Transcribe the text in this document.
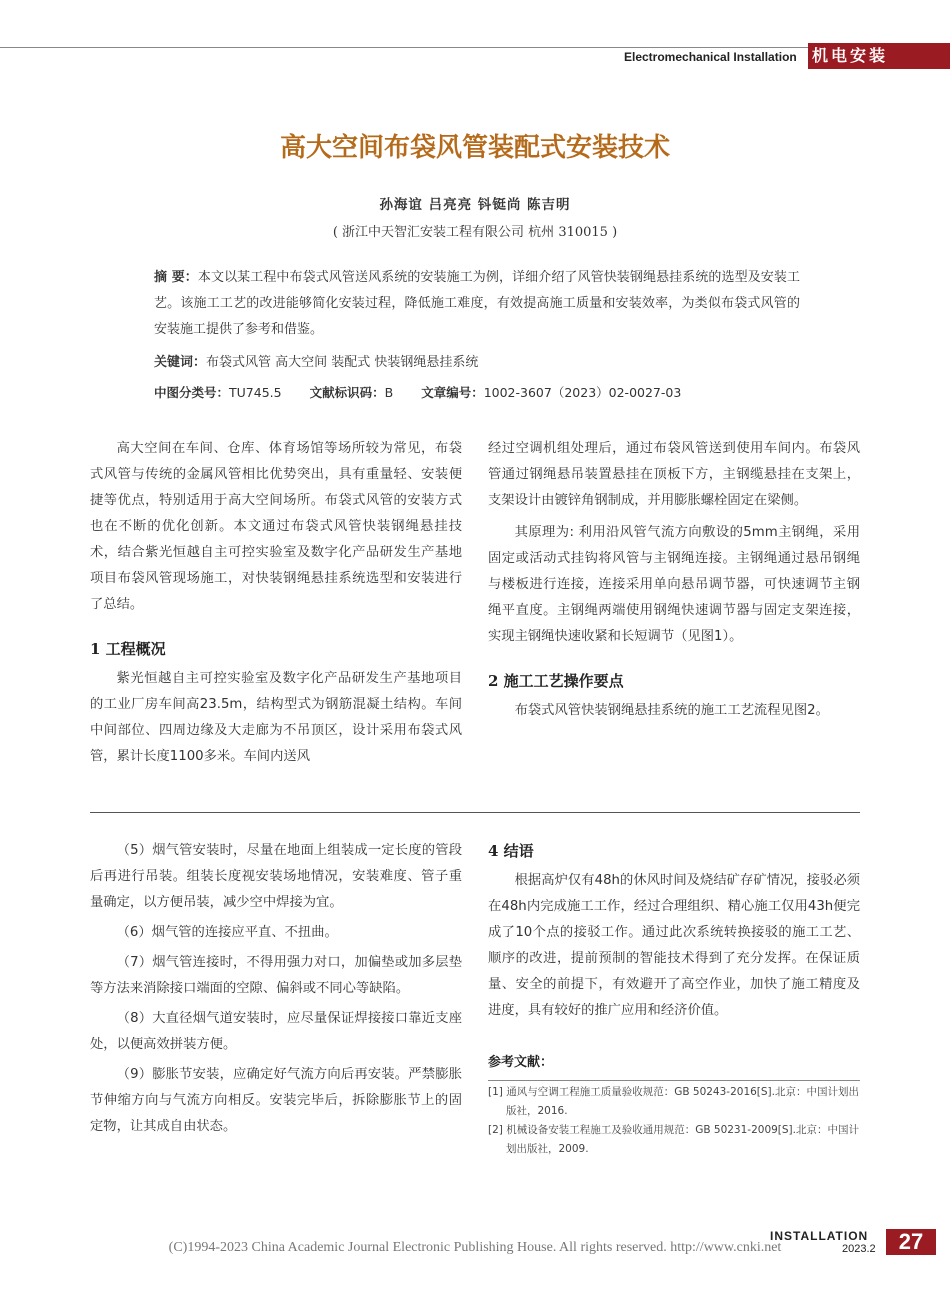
Electromechanical Installation 机电安装
高大空间布袋风管装配式安装技术
孙海谊 吕亮亮 钭铤尚 陈吉明
( 浙江中天智汇安装工程有限公司 杭州 310015 )
摘 要：本文以某工程中布袋式风管送风系统的安装施工为例，详细介绍了风管快装钢绳悬挂系统的选型及安装工艺。该施工工艺的改进能够简化安装过程，降低施工难度，有效提高施工质量和安装效率，为类似布袋式风管的安装施工提供了参考和借鉴。
关键词：布袋式风管 高大空间 装配式 快装钢绳悬挂系统
中图分类号：TU745.5 文献标识码：B 文章编号：1002-3607（2023）02-0027-03

高大空间在车间、仓库、体育场馆等场所较为常见，布袋式风管与传统的金属风管相比优势突出，具有重量轻、安装便捷等优点，特别适用于高大空间场所。布袋式风管的安装方式也在不断的优化创新。本文通过布袋式风管快装钢绳悬挂技术，结合紫光恒越自主可控实验室及数字化产品研发生产基地项目布袋风管现场施工，对快装钢绳悬挂系统选型和安装进行了总结。

1 工程概况

紫光恒越自主可控实验室及数字化产品研发生产基地项目的工业厂房车间高23.5m，结构型式为钢筋混凝土结构。车间中间部位、四周边缘及大走廊为不吊顶区，设计采用布袋式风管，累计长度1100多米。车间内送风

经过空调机组处理后，通过布袋风管送到使用车间内。布袋风管通过钢绳悬吊装置悬挂在顶板下方，主钢缆悬挂在支架上，支架设计由镀锌角钢制成，并用膨胀螺栓固定在梁侧。

其原理为: 利用沿风管气流方向敷设的5mm主钢绳，采用固定或活动式挂钩将风管与主钢绳连接。主钢绳通过悬吊钢绳与楼板进行连接，连接采用单向悬吊调节器，可快速调节主钢绳平直度。主钢绳两端使用钢绳快速调节器与固定支架连接，实现主钢绳快速收紧和长短调节（见图1）。

2 施工工艺操作要点

布袋式风管快装钢绳悬挂系统的施工工艺流程见图2。

（5）烟气管安装时，尽量在地面上组装成一定长度的管段后再进行吊装。组装长度视安装场地情况，安装难度、管子重量确定，以方便吊装，减少空中焊接为宜。

（6）烟气管的连接应平直、不扭曲。

（7）烟气管连接时，不得用强力对口，加偏垫或加多层垫等方法来消除接口端面的空隙、偏斜或不同心等缺陷。

（8）大直径烟气道安装时，应尽量保证焊接接口靠近支座处，以便高效拼装方便。

（9）膨胀节安装，应确定好气流方向后再安装。严禁膨胀节伸缩方向与气流方向相反。安装完毕后，拆除膨胀节上的固定物，让其成自由状态。

4 结语

根据高炉仅有48h的休风时间及烧结矿存矿情况，接驳必须在48h内完成施工工作，经过合理组织、精心施工仅用43h便完成了10个点的接驳工作。通过此次系统转换接驳的施工工艺、顺序的改进，提前预制的智能技术得到了充分发挥。在保证质量、安全的前提下，有效避开了高空作业，加快了施工精度及进度，具有较好的推广应用和经济价值。

参考文献：
[1] 通风与空调工程施工质量验收规范：GB 50243-2016[S].北京：中国计划出版社，2016.
[2] 机械设备安装工程施工及验收通用规范：GB 50231-2009[S].北京：中国计划出版社，2009.
(C)1994-2023 China Academic Journal Electronic Publishing House. All rights reserved. http://www.cnki.net
INSTALLATION
2023.2	27
